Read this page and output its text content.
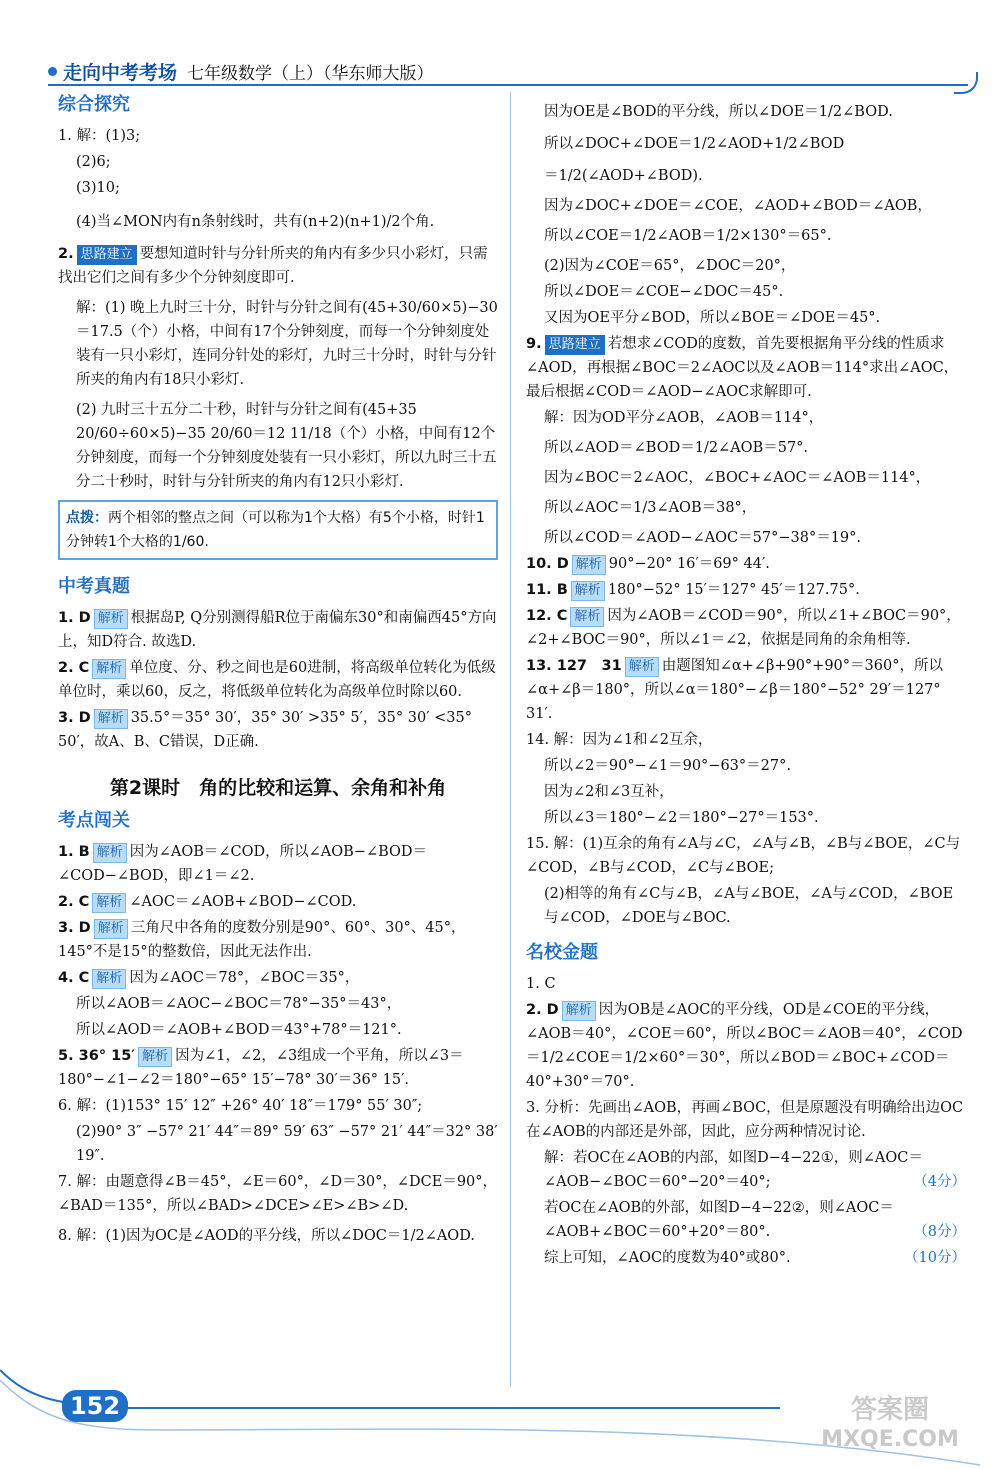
走向中考考场 七年级数学（上）（华东师大版）
综合探究
1. 解：(1)3;
(2)6;
(3)10;
(4)当∠MON内有n条射线时，共有(n+2)(n+1)/2个角.
2. 思路建立 要想知道时针与分针所夹的角内有多少只小彩灯，只需找出它们之间有多少个分钟刻度即可.
解：(1) 晚上九时三十分，时针与分针之间有(45+30/60×5)−30＝17.5（个）小格，中间有17个分钟刻度，而每一个分钟刻度处装有一只小彩灯，连同分针处的彩灯，九时三十分时，时针与分针所夹的角内有18只小彩灯.
(2) 九时三十五分二十秒，时针与分针之间有(45+35 20/60÷60×5)−35 20/60＝12 11/18（个）小格，中间有12个分钟刻度，而每一个分钟刻度处装有一只小彩灯，所以九时三十五分二十秒时，时针与分针所夹的角内有12只小彩灯.
点拨：两个相邻的整点之间（可以称为1个大格）有5个小格，时针1分钟转1个大格的1/60.
中考真题
1. D 解析 根据岛P, Q分别测得船R位于南偏东30°和南偏西45°方向上，知D符合. 故选D.
2. C 解析 单位度、分、秒之间也是60进制，将高级单位转化为低级单位时，乘以60，反之，将低级单位转化为高级单位时除以60.
3. D 解析 35.5°＝35° 30′，35° 30′ >35° 5′，35° 30′ <35° 50′，故A、B、C错误，D正确.
第2课时　角的比较和运算、余角和补角
考点闯关
1. B 解析 因为∠AOB＝∠COD，所以∠AOB−∠BOD＝∠COD−∠BOD，即∠1＝∠2.
2. C 解析 ∠AOC＝∠AOB+∠BOD−∠COD.
3. D 解析 三角尺中各角的度数分别是90°、60°、30°、45°，145°不是15°的整数倍，因此无法作出.
4. C 解析 因为∠AOC＝78°，∠BOC＝35°，
所以∠AOB＝∠AOC−∠BOC＝78°−35°＝43°，
所以∠AOD＝∠AOB+∠BOD＝43°+78°＝121°.
5. 36° 15′ 解析 因为∠1，∠2，∠3组成一个平角，所以∠3＝180°−∠1−∠2＝180°−65° 15′−78° 30′＝36° 15′.
6. 解：(1)153° 15′ 12″ +26° 40′ 18″＝179° 55′ 30″;
(2)90° 3″ −57° 21′ 44″＝89° 59′ 63″ −57° 21′ 44″＝32° 38′ 19″.
7. 解：由题意得∠B＝45°，∠E＝60°，∠D＝30°，∠DCE＝90°，∠BAD＝135°，所以∠BAD>∠DCE>∠E>∠B>∠D.
8. 解：(1)因为OC是∠AOD的平分线，所以∠DOC＝1/2∠AOD.
因为OE是∠BOD的平分线，所以∠DOE＝1/2∠BOD.
所以∠DOC+∠DOE＝1/2∠AOD+1/2∠BOD
＝1/2(∠AOD+∠BOD).
因为∠DOC+∠DOE＝∠COE，∠AOD+∠BOD＝∠AOB，
所以∠COE＝1/2∠AOB＝1/2×130°＝65°.
(2)因为∠COE＝65°，∠DOC＝20°，
所以∠DOE＝∠COE−∠DOC＝45°.
又因为OE平分∠BOD，所以∠BOE＝∠DOE＝45°.
9. 思路建立 若想求∠COD的度数，首先要根据角平分线的性质求∠AOD，再根据∠BOC＝2∠AOC以及∠AOB＝114°求出∠AOC，最后根据∠COD＝∠AOD−∠AOC求解即可.
解：因为OD平分∠AOB，∠AOB＝114°，
所以∠AOD＝∠BOD＝1/2∠AOB＝57°.
因为∠BOC＝2∠AOC，∠BOC+∠AOC＝∠AOB＝114°，
所以∠AOC＝1/3∠AOB＝38°，
所以∠COD＝∠AOD−∠AOC＝57°−38°＝19°.
10. D 解析 90°−20° 16′＝69° 44′.
11. B 解析 180°−52° 15′＝127° 45′＝127.75°.
12. C 解析 因为∠AOB＝∠COD＝90°，所以∠1+∠BOC＝90°，∠2+∠BOC＝90°，所以∠1＝∠2，依据是同角的余角相等.
13. 127　31 解析 由题图知∠α+∠β+90°+90°＝360°，所以∠α+∠β＝180°，所以∠α＝180°−∠β＝180°−52° 29′＝127° 31′.
14. 解：因为∠1和∠2互余，
所以∠2＝90°−∠1＝90°−63°＝27°.
因为∠2和∠3互补，
所以∠3＝180°−∠2＝180°−27°＝153°.
15. 解：(1)互余的角有∠A与∠C，∠A与∠B，∠B与∠BOE，∠C与∠COD，∠B与∠COD，∠C与∠BOE;
(2)相等的角有∠C与∠B，∠A与∠BOE，∠A与∠COD，∠BOE与∠COD，∠DOE与∠BOC.
名校金题
1. C
2. D 解析 因为OB是∠AOC的平分线，OD是∠COE的平分线，∠AOB＝40°，∠COE＝60°，所以∠BOC＝∠AOB＝40°，∠COD＝1/2∠COE＝1/2×60°＝30°，所以∠BOD＝∠BOC+∠COD＝40°+30°＝70°.
3. 分析：先画出∠AOB，再画∠BOC，但是原题没有明确给出边OC在∠AOB的内部还是外部，因此，应分两种情况讨论.
解：若OC在∠AOB的内部，如图D−4−22①，则∠AOC＝∠AOB−∠BOC＝60°−20°＝40°;	（4分）
若OC在∠AOB的外部，如图D−4−22②，则∠AOC＝∠AOB+∠BOC＝60°+20°＝80°.	（8分）
综上可知，∠AOC的度数为40°或80°.	（10分）
152	答案圈
MXQE.COM
